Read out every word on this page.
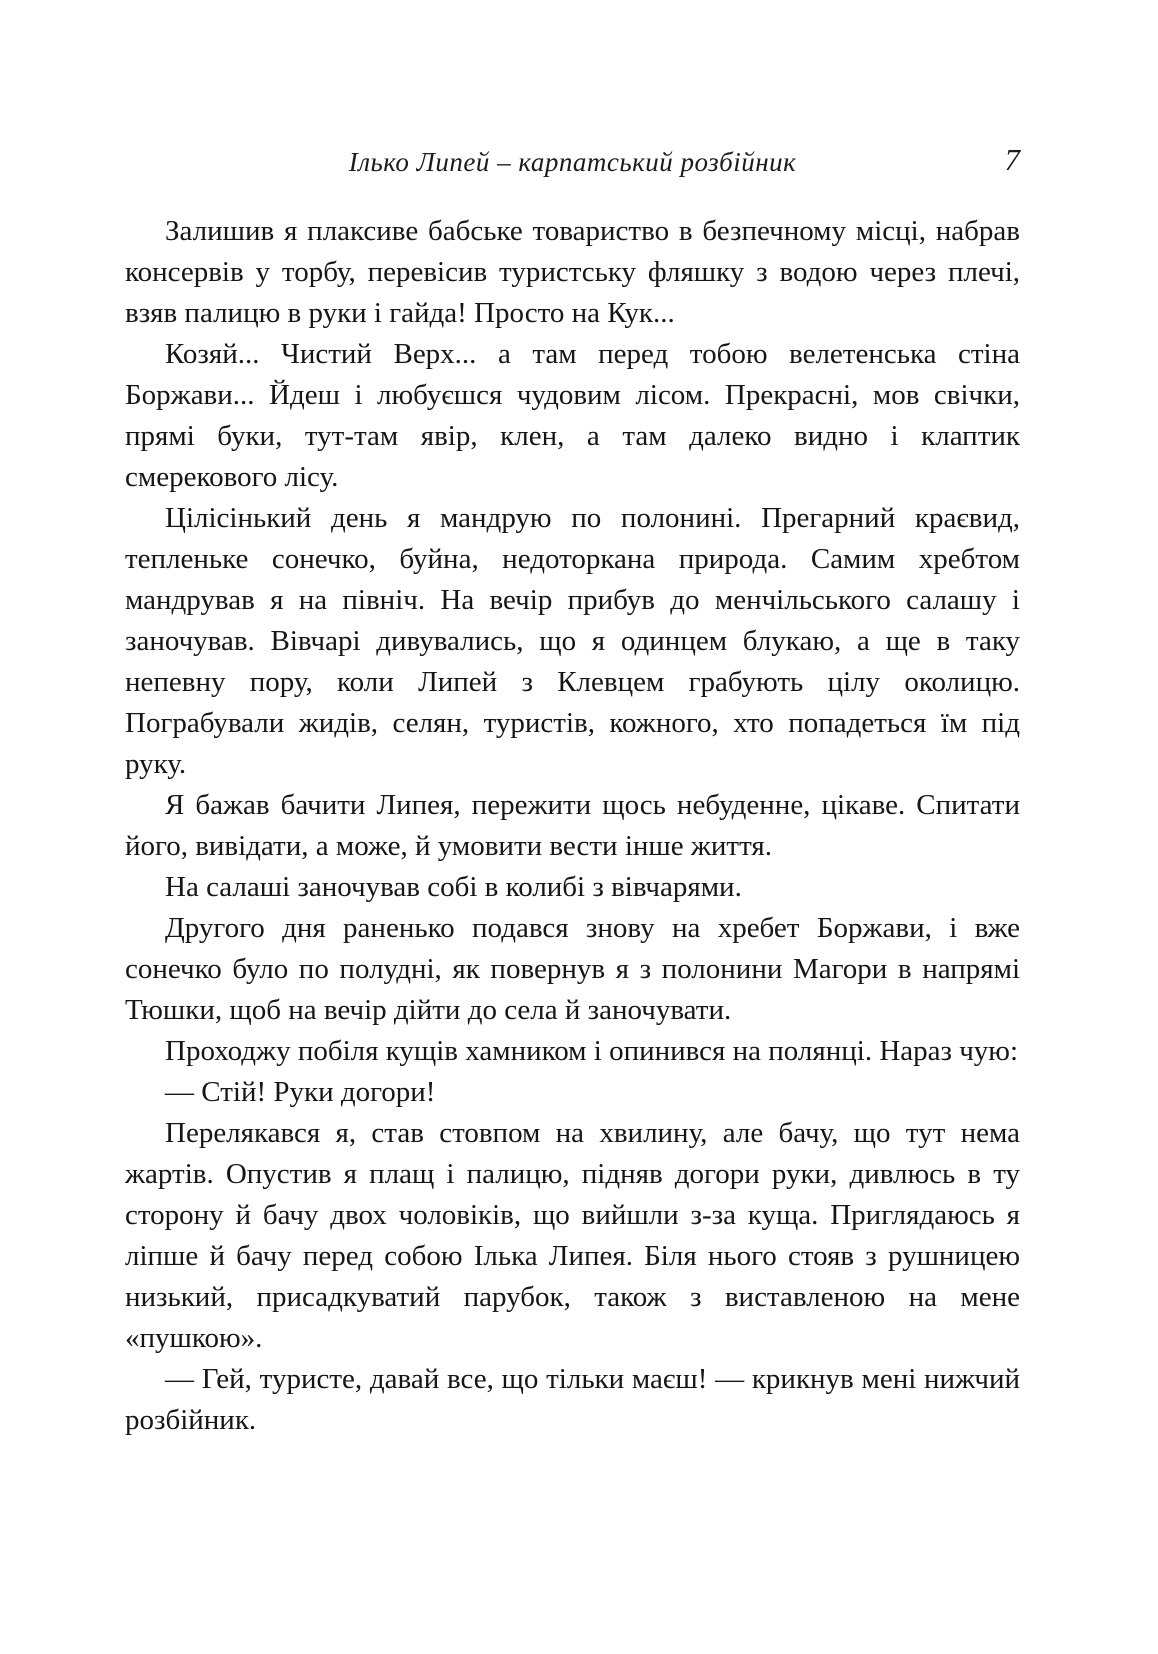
Ілько Липей – карпатський розбійник	7

Залишив я плаксиве бабське товариство в безпечному місці, набрав консервів у торбу, перевісив туристську фляшку з водою через плечі, взяв палицю в руки і гайда! Просто на Кук...

Козяй... Чистий Верх... а там перед тобою велетенська стіна Боржави... Йдеш і любуєшся чудовим лісом. Прекрасні, мов свічки, прямі буки, тут-там явір, клен, а там далеко видно і клаптик смерекового лісу.

Цілісінький день я мандрую по полонині. Прегарний краєвид, тепленьке сонечко, буйна, недоторкана природа. Самим хребтом мандрував я на північ. На вечір прибув до менчільського салашу і заночував. Вівчарі дивувались, що я одинцем блукаю, а ще в таку непевну пору, коли Липей з Клевцем грабують цілу околицю. Пограбували жидів, селян, туристів, кожного, хто попадеться їм під руку.

Я бажав бачити Липея, пережити щось небуденне, цікаве. Спитати його, вивідати, а може, й умовити вести інше життя.

На салаші заночував собі в колибі з вівчарями.

Другого дня раненько подався знову на хребет Боржави, і вже сонечко було по полудні, як повернув я з полонини Магори в напрямі Тюшки, щоб на вечір дійти до села й заночувати.

Проходжу побіля кущів хамником і опинився на полянці. Нараз чую:

— Стій! Руки догори!

Перелякався я, став стовпом на хвилину, але бачу, що тут нема жартів. Опустив я плащ і палицю, підняв догори руки, дивлюсь в ту сторону й бачу двох чоловіків, що вийшли з-за куща. Приглядаюсь я ліпше й бачу перед собою Ілька Липея. Біля нього стояв з рушницею низький, присадкуватий парубок, також з виставленою на мене «пушкою».

— Гей, туристе, давай все, що тільки маєш! — крикнув мені нижчий розбійник.
